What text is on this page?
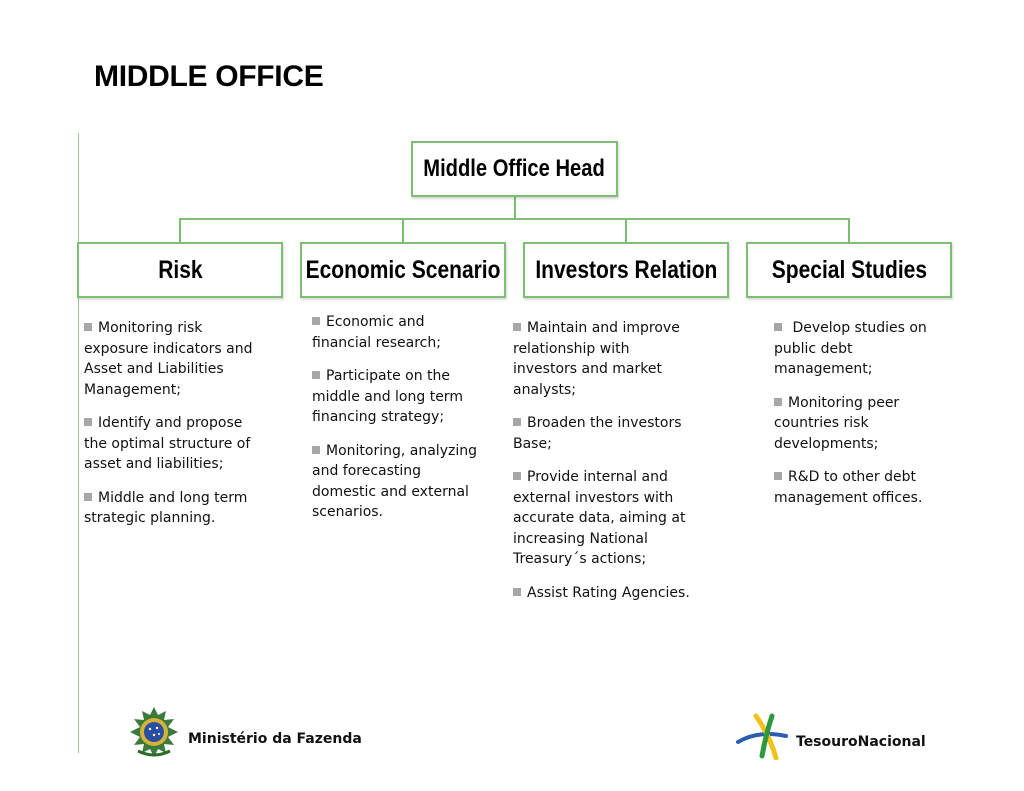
MIDDLE OFFICE
Middle Office Head
Risk	Economic Scenario Investors Relation Special Studies
Monitoring risk exposure indicators and Asset and Liabilities Management;
Identify and propose the optimal structure of asset and liabilities;
Middle and long term strategic planning.
Economic and financial research;
Participate on the middle and long term financing strategy;
Monitoring, analyzing and forecasting domestic and external scenarios.
Maintain and improve relationship with investors and market analysts;
Broaden the investors Base;
Provide internal and external investors with accurate data, aiming at increasing National Treasury´s actions;
Assist Rating Agencies.
Develop studies on public debt management;
Monitoring peer countries risk developments;
R&D to other debt management offices.
Ministério da Fazenda	TesouroNacional
